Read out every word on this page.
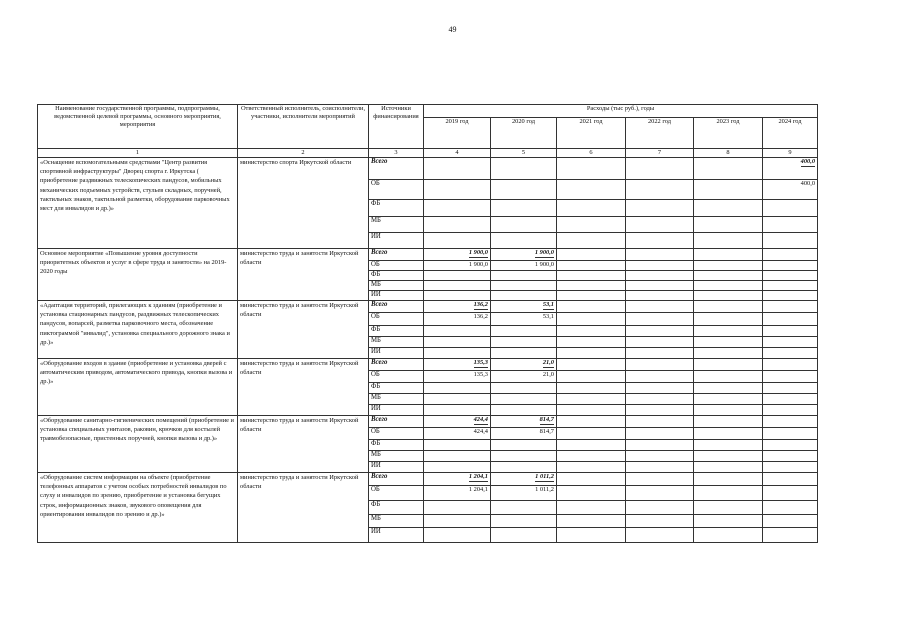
49
Наименование государственной программы, подпрограммы, ведомственной целевой программы, основного мероприятия, мероприятия	Ответственный исполнитель, соисполнители, участники, исполнители мероприятий	Источники финансирования	Расходы (тыс руб.), годы					
			2019 год	2020 год	2021 год	2022 год	2023 год	2024 год
1	2	3	4	5	6	7	8	9
«Оснащение вспомогательными средствами "Центр развития спортивной инфраструктуры" Дворец спорта г. Иркутска ( приобретение раздвижных телескопических пандусов, мобильных механических подъемных устройств, стульев складных, поручней, тактильных знаков, тактильной разметки, оборудование парковочных мест для инвалидов и др.)»	министерство спорта Иркутской области	Всего						400,0
		ОБ						400,0
		ФБ						
		МБ						
		ИИ						
Основное мероприятие «Повышение уровня доступности приоритетных объектов и услуг в сфере труда и занятости» на 2019-2020 годы	министерство труда и занятости Иркутской области	Всего	1 900,0	1 900,0				
		ОБ	1 900,0	1 900,0				
		ФБ						
		МБ						
		ИИ						
«Адаптация территорий, прилегающих к зданиям (приобретение и установка стационарных пандусов, раздвижных телескопических пандусов, вопарсей, разметка парковочного места, обозначение пиктограммой "инвалид", установка специального дорожного знака и др.)»	министерство труда и занятости Иркутской области	Всего	136,2	53,1				
		ОБ	136,2	53,1				
		ФБ						
		МБ						
		ИИ						
«Оборудование входов в здание (приобретение и установка дверей с автоматическим приводом, автоматического привода, кнопки вызова и др.)»	министерство труда и занятости Иркутской области	Всего	135,3	21,0				
		ОБ	135,3	21,0				
		ФБ						
		МБ						
		ИИ						
«Оборудование санитарно-гигиенических помещений (приобретение и установка специальных унитазов, раковин, крючков для костылей травмобезопасные, пристенных поручней, кнопки вызова и др.)»	министерство труда и занятости Иркутской области	Всего	424,4	814,7				
		ОБ	424,4	814,7				
		ФБ						
		МБ						
		ИИ						
«Оборудование систем информации на объекте (приобретение телефонных аппаратов с учетом особых потребностей инвалидов по слуху и инвалидов по зрению, приобретение и установка бегущих строк, информационных знаков, звукового оповещения для ориентирования инвалидов по зрению и др.)»	министерство труда и занятости Иркутской области	Всего	1 204,1	1 011,2				
		ОБ	1 204,1	1 011,2				
		ФБ						
		МБ						
		ИИ						
